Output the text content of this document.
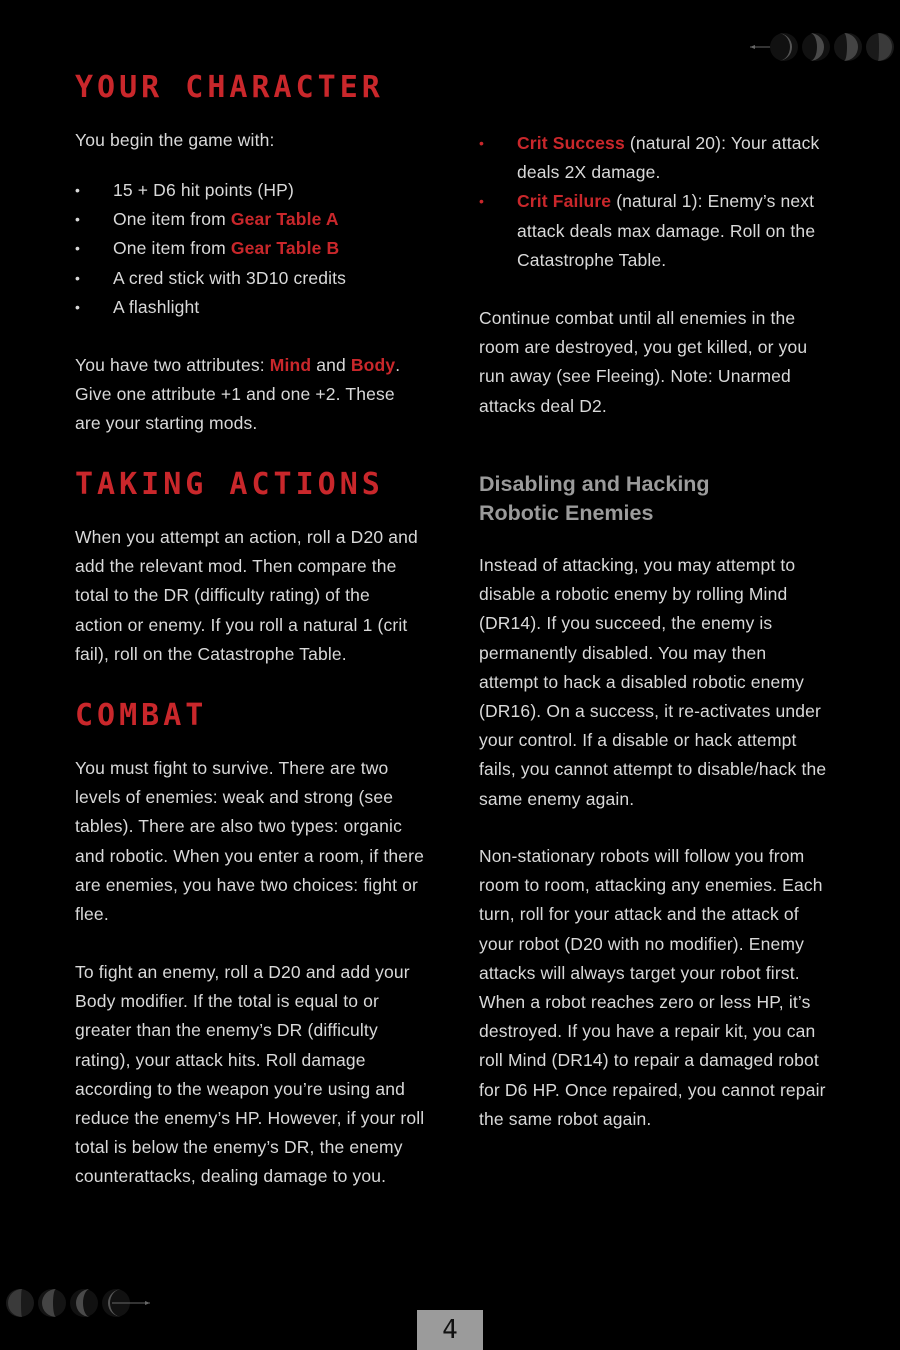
YOUR CHARACTER

You begin the game with:

• 15 + D6 hit points (HP)
• One item from Gear Table A
• One item from Gear Table B
• A cred stick with 3D10 credits
• A flashlight

You have two attributes: Mind and Body. Give one attribute +1 and one +2. These are your starting mods.

TAKING ACTIONS

When you attempt an action, roll a D20 and add the relevant mod. Then compare the total to the DR (difficulty rating) of the action or enemy. If you roll a natural 1 (crit fail), roll on the Catastrophe Table.

COMBAT

You must fight to survive. There are two levels of enemies: weak and strong (see tables). There are also two types: organic and robotic. When you enter a room, if there are enemies, you have two choices: fight or flee.

To fight an enemy, roll a D20 and add your Body modifier. If the total is equal to or greater than the enemy’s DR (difficulty rating), your attack hits. Roll damage according to the weapon you’re using and reduce the enemy’s HP. However, if your roll total is below the enemy’s DR, the enemy counterattacks, dealing damage to you.

• Crit Success (natural 20): Your attack deals 2X damage.
• Crit Failure (natural 1): Enemy’s next attack deals max damage. Roll on the Catastrophe Table.

Continue combat until all enemies in the room are destroyed, you get killed, or you run away (see Fleeing). Note: Unarmed attacks deal D2.

Disabling and Hacking
Robotic Enemies

Instead of attacking, you may attempt to disable a robotic enemy by rolling Mind (DR14). If you succeed, the enemy is permanently disabled. You may then attempt to hack a disabled robotic enemy (DR16). On a success, it re-activates under your control. If a disable or hack attempt fails, you cannot attempt to disable/hack the same enemy again.

Non-stationary robots will follow you from room to room, attacking any enemies. Each turn, roll for your attack and the attack of your robot (D20 with no modifier). Enemy attacks will always target your robot first. When a robot reaches zero or less HP, it’s destroyed. If you have a repair kit, you can roll Mind (DR14) to repair a damaged robot for D6 HP. Once repaired, you cannot repair the same robot again.

4
